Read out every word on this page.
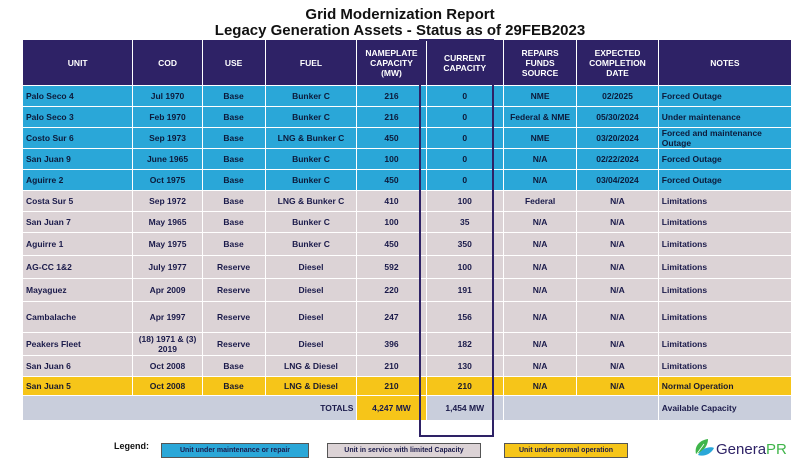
Grid Modernization Report
Legacy Generation Assets - Status as of 29FEB2023
UNIT	COD	USE	FUEL	NAMEPLATE CAPACITY (MW)	CURRENT CAPACITY	REPAIRS FUNDS SOURCE	EXPECTED COMPLETION DATE	NOTES
Palo Seco 4	Jul 1970	Base	Bunker C	216	0	NME	02/2025	Forced Outage
Palo Seco 3	Feb 1970	Base	Bunker C	216	0	Federal & NME	05/30/2024	Under maintenance
Costo Sur 6	Sep 1973	Base	LNG & Bunker C	450	0	NME	03/20/2024	Forced and maintenance Outage
San Juan 9	June 1965	Base	Bunker C	100	0	N/A	02/22/2024	Forced Outage
Aguirre 2	Oct 1975	Base	Bunker C	450	0	N/A	03/04/2024	Forced Outage
Costa Sur 5	Sep 1972	Base	LNG & Bunker C	410	100	Federal	N/A	Limitations
San Juan 7	May 1965	Base	Bunker C	100	35	N/A	N/A	Limitations
Aguirre 1	May 1975	Base	Bunker C	450	350	N/A	N/A	Limitations
AG-CC 1&2	July 1977	Reserve	Diesel	592	100	N/A	N/A	Limitations
Mayaguez	Apr 2009	Reserve	Diesel	220	191	N/A	N/A	Limitations
Cambalache	Apr 1997	Reserve	Diesel	247	156	N/A	N/A	Limitations
Peakers Fleet	(18) 1971 & (3) 2019	Reserve	Diesel	396	182	N/A	N/A	Limitations
San Juan 6	Oct 2008	Base	LNG & Diesel	210	130	N/A	N/A	Limitations
San Juan 5	Oct 2008	Base	LNG & Diesel	210	210	N/A	N/A	Normal Operation
TOTALS				4,247 MW	1,454 MW			Available Capacity
Legend:	Unit under maintenance or repair	Unit in service with limited Capacity	Unit under normal operation	GeneraPR
